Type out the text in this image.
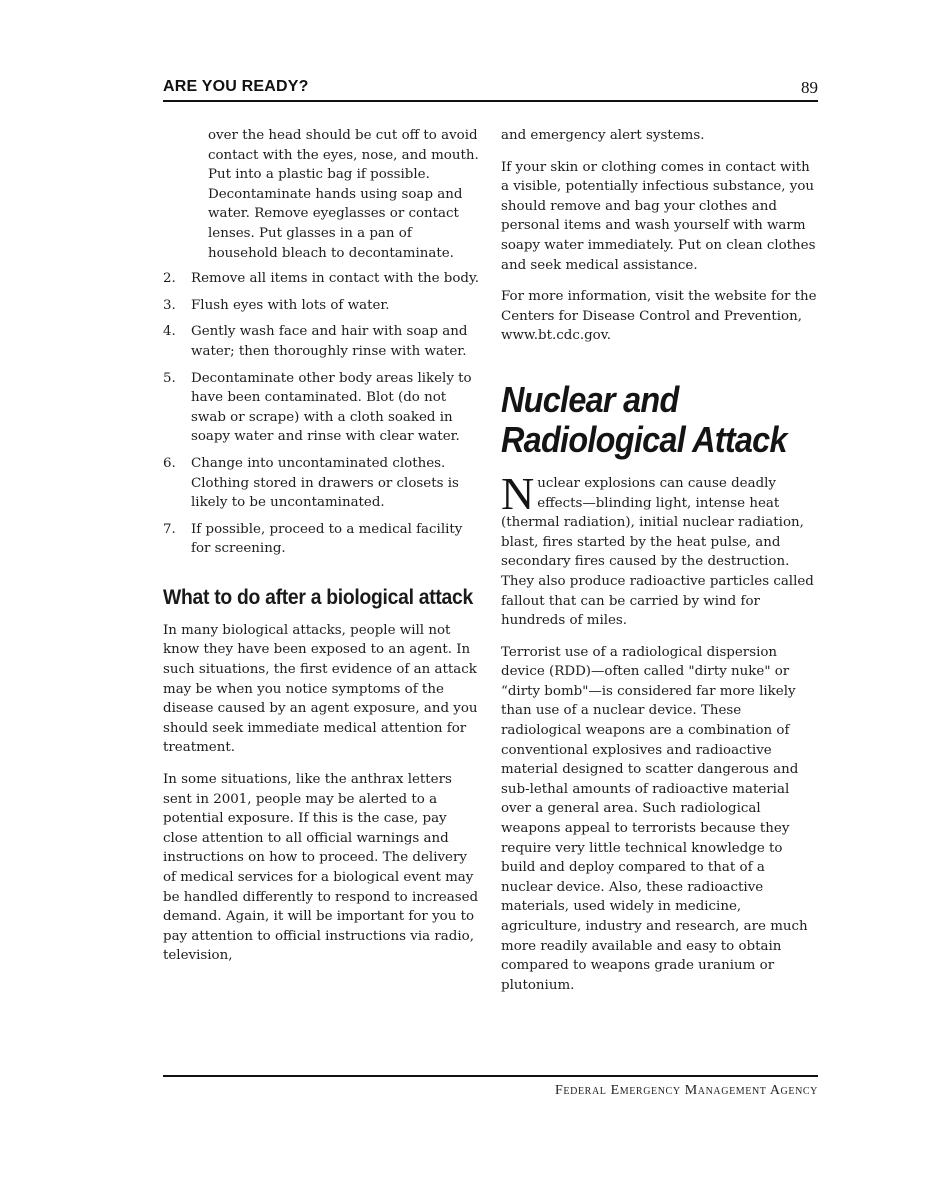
ARE YOU READY?	89

over the head should be cut off to avoid contact with the eyes, nose, and mouth. Put into a plastic bag if possible. Decontaminate hands using soap and water. Remove eyeglasses or contact lenses. Put glasses in a pan of household bleach to decontaminate.

2.	Remove all items in contact with the body.
3.	Flush eyes with lots of water.
4.	Gently wash face and hair with soap and water; then thoroughly rinse with water.
5.	Decontaminate other body areas likely to have been contaminated. Blot (do not swab or scrape) with a cloth soaked in soapy water and rinse with clear water.
6.	Change into uncontaminated clothes. Clothing stored in drawers or closets is likely to be uncontaminated.
7.	If possible, proceed to a medical facility for screening.
What to do after a biological attack

In many biological attacks, people will not know they have been exposed to an agent. In such situations, the first evidence of an attack may be when you notice symptoms of the disease caused by an agent exposure, and you should seek immediate medical attention for treatment.

In some situations, like the anthrax letters sent in 2001, people may be alerted to a potential exposure. If this is the case, pay close attention to all official warnings and instructions on how to proceed. The delivery of medical services for a biological event may be handled differently to respond to increased demand. Again, it will be important for you to pay attention to official instructions via radio, television,

and emergency alert systems.

If your skin or clothing comes in contact with a visible, potentially infectious substance, you should remove and bag your clothes and personal items and wash yourself with warm soapy water immediately. Put on clean clothes and seek medical assistance.

For more information, visit the website for the Centers for Disease Control and Prevention, www.bt.cdc.gov.

Nuclear and
Radiological Attack

Nuclear explosions can cause deadly effects—blinding light, intense heat (thermal radiation), initial nuclear radiation, blast, fires started by the heat pulse, and secondary fires caused by the destruction. They also produce radioactive particles called fallout that can be carried by wind for hundreds of miles.

Terrorist use of a radiological dispersion device (RDD)—often called "dirty nuke" or “dirty bomb"—is considered far more likely than use of a nuclear device. These radiological weapons are a combination of conventional explosives and radioactive material designed to scatter dangerous and sub-lethal amounts of radioactive material over a general area. Such radiological weapons appeal to terrorists because they require very little technical knowledge to build and deploy compared to that of a nuclear device. Also, these radioactive materials, used widely in medicine, agriculture, industry and research, are much more readily available and easy to obtain compared to weapons grade uranium or plutonium.

Federal Emergency Management Agency
